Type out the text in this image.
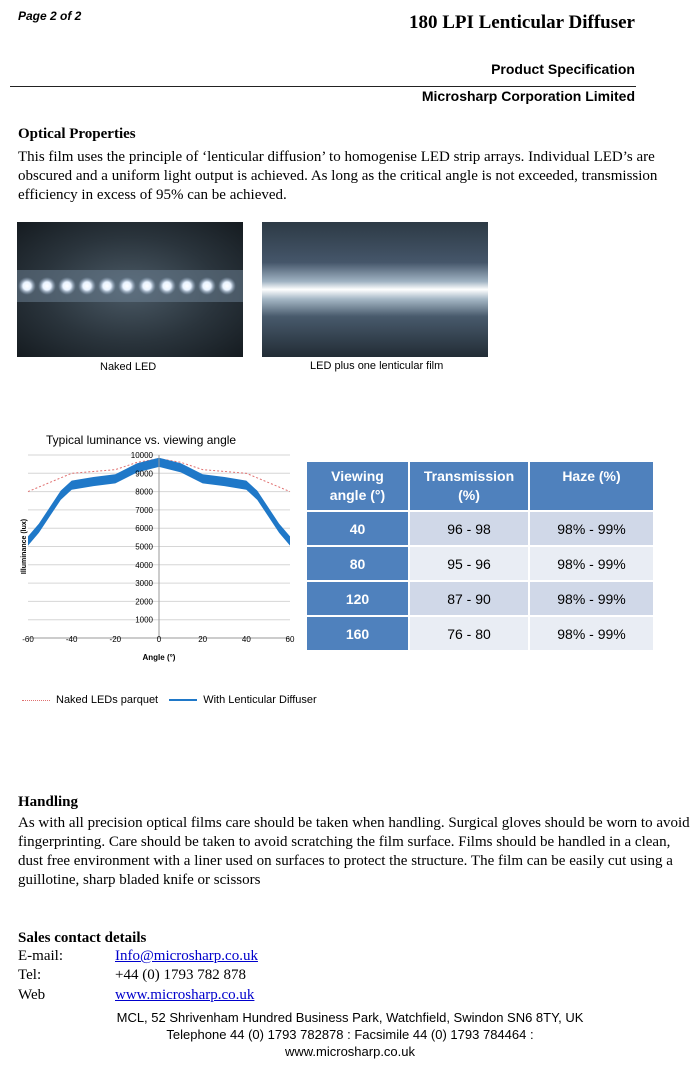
Page 2 of 2	180 LPI Lenticular Diffuser
Product Specification
Microsharp Corporation Limited
Optical Properties

This film uses the principle of ‘lenticular diffusion’ to homogenise LED strip arrays. Individual LED’s are obscured and a uniform light output is achieved. As long as the critical angle is not exceeded, transmission efficiency in excess of 95% can be achieved.

Naked LED	LED plus one lenticular film
Typical luminance vs. viewing angle
1000
2000
3000
4000
5000
6000
7000
8000
9000
10000
-60	-40	-20	0	20	40	60
Angle (°)
Illuminance (lux)
Naked LEDs parquet	With Lenticular Diffuser
Viewing angle (°)	Transmission (%)	Haze (%)
40	96 - 98	98% - 99%
80	95 - 96	98% - 99%
120	87 - 90	98% - 99%
160	76 - 80	98% - 99%
Handling

As with all precision optical films care should be taken when handling. Surgical gloves should be worn to avoid fingerprinting. Care should be taken to avoid scratching the film surface. Films should be handled in a clean, dust free environment with a liner used on surfaces to protect the structure. The film can be easily cut using a guillotine, sharp bladed knife or scissors

Sales contact details
E-mail:	Info@microsharp.co.uk
Tel:	+44 (0) 1793 782 878
Web	www.microsharp.co.uk
MCL, 52 Shrivenham Hundred Business Park, Watchfield, Swindon SN6 8TY, UK
Telephone 44 (0) 1793 782878 : Facsimile 44 (0) 1793 784464 :
www.microsharp.co.uk
